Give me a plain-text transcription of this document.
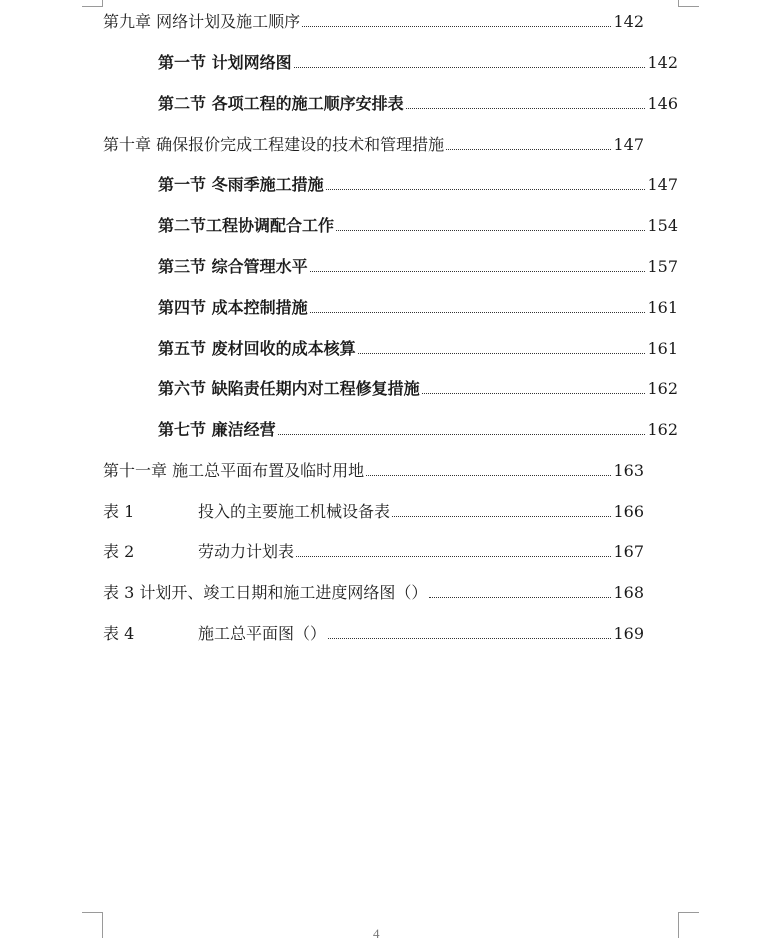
第九章 网络计划及施工顺序	142
第一节 计划网络图	142
第二节 各项工程的施工顺序安排表	146
第十章 确保报价完成工程建设的技术和管理措施	147
第一节 冬雨季施工措施	147
第二节工程协调配合工作	154
第三节 综合管理水平	157
第四节 成本控制措施	161
第五节 废材回收的成本核算	161
第六节 缺陷责任期内对工程修复措施	162
第七节 廉洁经营	162
第十一章 施工总平面布置及临时用地	163
表 1	投入的主要施工机械设备表	166
表 2	劳动力计划表	167
表 3 计划开、竣工日期和施工进度网络图（）	168
表 4	施工总平面图（）	169
4
